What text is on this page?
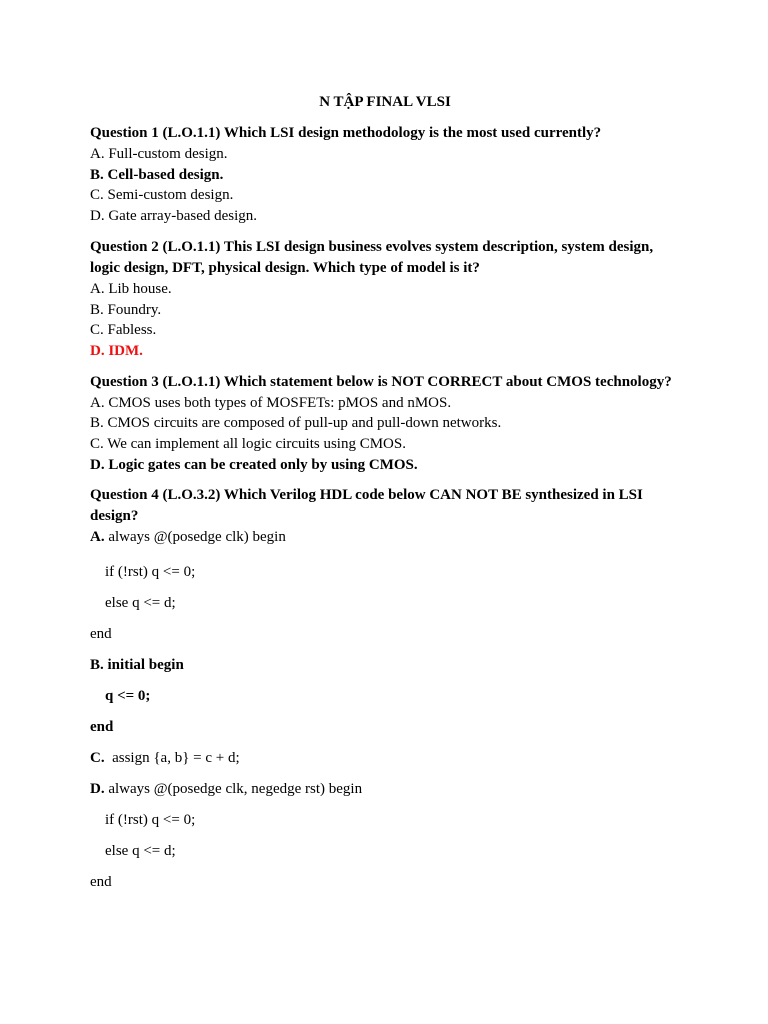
N TẬP FINAL VLSI
Question 1 (L.O.1.1) Which LSI design methodology is the most used currently?
A. Full-custom design.
B. Cell-based design.
C. Semi-custom design.
D. Gate array-based design.
Question 2 (L.O.1.1) This LSI design business evolves system description, system design, logic design, DFT, physical design. Which type of model is it?
A. Lib house.
B. Foundry.
C. Fabless.
D. IDM.
Question 3 (L.O.1.1) Which statement below is NOT CORRECT about CMOS technology?
A. CMOS uses both types of MOSFETs: pMOS and nMOS.
B. CMOS circuits are composed of pull-up and pull-down networks.
C. We can implement all logic circuits using CMOS.
D. Logic gates can be created only by using CMOS.
Question 4 (L.O.3.2) Which Verilog HDL code below CAN NOT BE synthesized in LSI design?
A. always @(posedge clk) begin
if (!rst) q <= 0;
else q <= d;
end
B. initial begin
q <= 0;
end
C. assign {a, b} = c + d;
D. always @(posedge clk, negedge rst) begin
if (!rst) q <= 0;
else q <= d;
end
